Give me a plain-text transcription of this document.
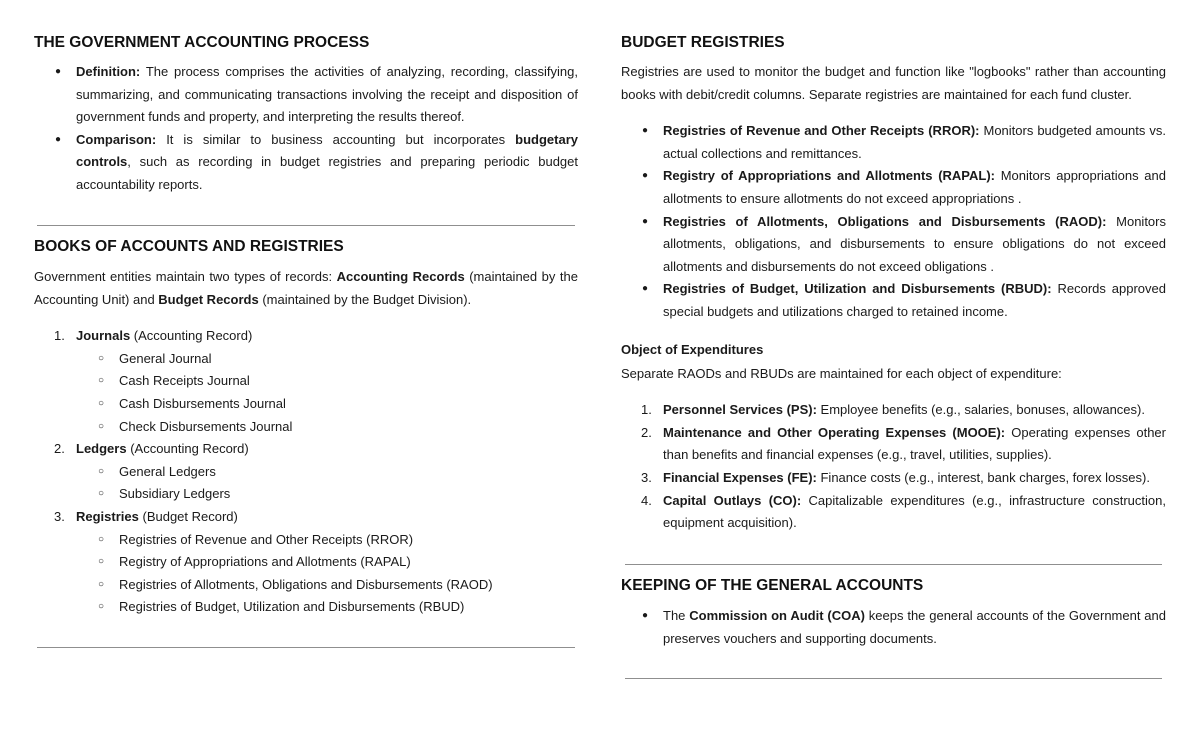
THE GOVERNMENT ACCOUNTING PROCESS
● Definition: The process comprises the activities of analyzing, recording, classifying, summarizing, and communicating transactions involving the receipt and disposition of government funds and property, and interpreting the results thereof.
● Comparison: It is similar to business accounting but incorporates budgetary controls, such as recording in budget registries and preparing periodic budget accountability reports.
BOOKS OF ACCOUNTS AND REGISTRIES
Government entities maintain two types of records: Accounting Records (maintained by the Accounting Unit) and Budget Records (maintained by the Budget Division).
1. Journals (Accounting Record)
○ General Journal
○ Cash Receipts Journal
○ Cash Disbursements Journal
○ Check Disbursements Journal
2. Ledgers (Accounting Record)
○ General Ledgers
○ Subsidiary Ledgers
3. Registries (Budget Record)
○ Registries of Revenue and Other Receipts (RROR)
○ Registry of Appropriations and Allotments (RAPAL)
○ Registries of Allotments, Obligations and Disbursements (RAOD)
○ Registries of Budget, Utilization and Disbursements (RBUD)
BUDGET REGISTRIES
Registries are used to monitor the budget and function like "logbooks" rather than accounting books with debit/credit columns. Separate registries are maintained for each fund cluster.
● Registries of Revenue and Other Receipts (RROR): Monitors budgeted amounts vs. actual collections and remittances.
● Registry of Appropriations and Allotments (RAPAL): Monitors appropriations and allotments to ensure allotments do not exceed appropriations .
● Registries of Allotments, Obligations and Disbursements (RAOD): Monitors allotments, obligations, and disbursements to ensure obligations do not exceed allotments and disbursements do not exceed obligations .
● Registries of Budget, Utilization and Disbursements (RBUD): Records approved special budgets and utilizations charged to retained income.
Object of Expenditures
Separate RAODs and RBUDs are maintained for each object of expenditure:
1. Personnel Services (PS): Employee benefits (e.g., salaries, bonuses, allowances).
2. Maintenance and Other Operating Expenses (MOOE): Operating expenses other than benefits and financial expenses (e.g., travel, utilities, supplies).
3. Financial Expenses (FE): Finance costs (e.g., interest, bank charges, forex losses).
4. Capital Outlays (CO): Capitalizable expenditures (e.g., infrastructure construction, equipment acquisition).
KEEPING OF THE GENERAL ACCOUNTS
● The Commission on Audit (COA) keeps the general accounts of the Government and preserves vouchers and supporting documents.
